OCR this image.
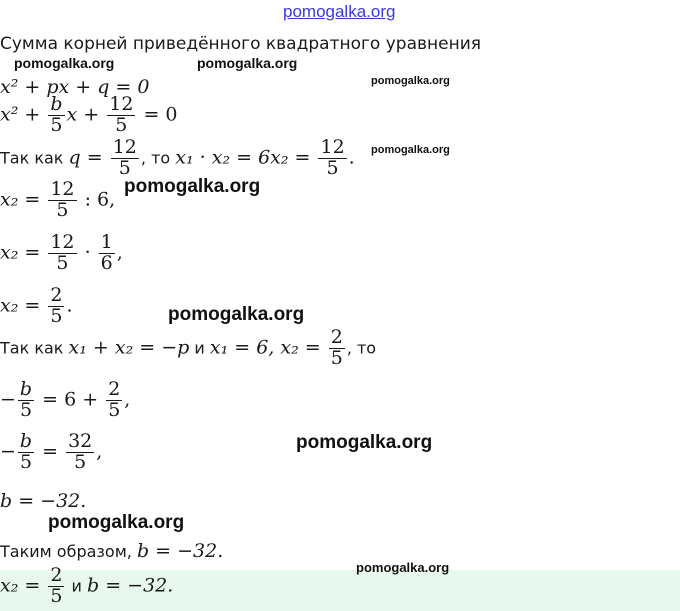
pomogalka.org
pomogalka.org	pomogalka.org
pomogalka.org
pomogalka.org
pomogalka.org
pomogalka.org
pomogalka.org
pomogalka.org
pomogalka.org
Сумма корней приведённого квадратного уравнения
x² + px + q = 0
$x^2 + \frac{b}{5}$ $x + \frac{12}{5} = 0$
Так как $q = \frac{12}{5}$ , то $x_1 \cdot x_2 = 6x_2 = \frac{12}{5}$ .
$x_2 = \frac{12}{5}$ : 6,
$x_2 = \frac{12}{5} \cdot \frac{1}{6}$ ,
$x_2 = \frac{2}{5}$ .
Так как x₁ + x₂ = −p и x₁ = 6, $x_2 = \frac{2}{5}$ , то
− $\frac{b}{5} = 6 + \frac{2}{5}$ ,
− $\frac{b}{5} = \frac{32}{5}$ ,
b = −32.
Таким образом, b = −32.
$x_2 = \frac{2}{5}$ и b = −32.
